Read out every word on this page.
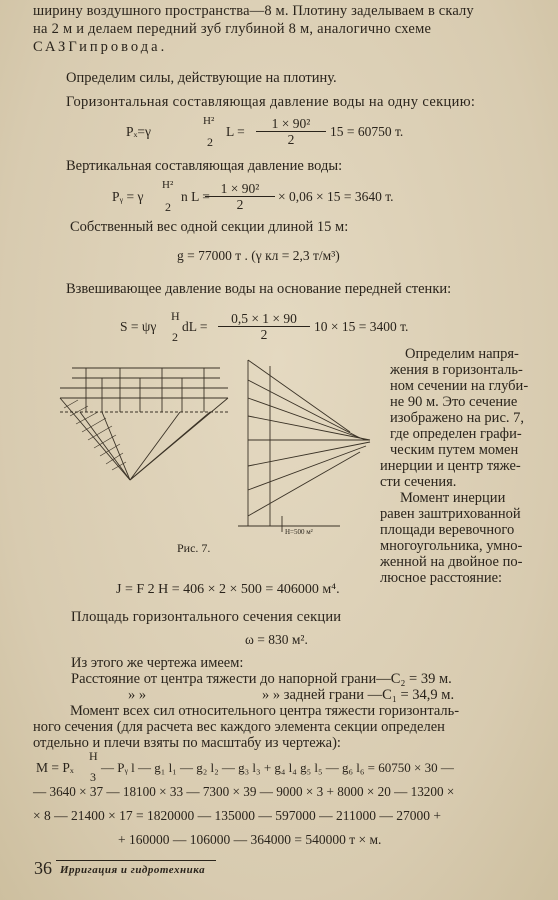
ширину воздушного пространства—8 м. Плотину заделываем в скалу
на 2 м и делаем передний зуб глубиной 8 м, аналогично схеме
САЗГипровода.
Определим силы, действующие на плотину.
Горизонтальная составляющая давление воды на одну секцию:
Pₓ=γ
H²
2
$L = \frac{\text{1 × 90²}}{2} 15 = 60750$ т.
Вертикальная составляющая давление воды:
Pᵧ = γ
H²
2
n L =
$\frac{\text{1 × 90²}}{2} \times 0,06 \times 15 = 3640$ т.
Собственный вес одной секции длиной 15 м:
g = 77000 т . (γ кл = 2,3 т/м³)
Взвешивающее давление воды на основание передней стенки:
S = ψγ
H
2
dL = $\frac{0,5 \times 1 \times 90}{2} 10 \times 15 = 3400$ т.
Определим напря-
жения в горизонталь-
ном сечении на глуби-
не 90 м. Это сечение
изображено на рис. 7,
где определен графи-
ческим путем момен
инерции и центр тяже-
сти сечения.
Момент инерции
равен заштрихованной
площади веревочного
многоугольника, умно-
женной на двойное по-
люсное расстояние:
H=500 м²
Рис. 7.
J = F 2 H = 406 × 2 × 500 = 406000 м⁴.
Площадь горизонтального сечения секции
ω = 830 м².
Из этого же чертежа имеем:
Расстояние от центра тяжести до напорной грани—C₂ = 39 м.
» »	» » задней грани —C₁ = 34,9 м.
Момент всех сил относительного центра тяжести горизонталь-
ного сечения (для расчета вес каждого элемента секции определен
отдельно и плечи взяты по масштабу из чертежа):
H
3
M = Pₓ — Pᵧ l — g₁ l₁ — g₂ l₂ — g₃ l₃ + g₄ l₄ g₅ l₅ — g₆ l₆ = 60750 × 30 —
— 3640 × 37 — 18100 × 33 — 7300 × 39 — 9000 × 3 + 8000 × 20 — 13200 ×
× 8 — 21400 × 17 = 1820000 — 135000 — 597000 — 211000 — 27000 +
+ 160000 — 106000 — 364000 = 540000 т × м.
36 Ирригация и гидротехника
